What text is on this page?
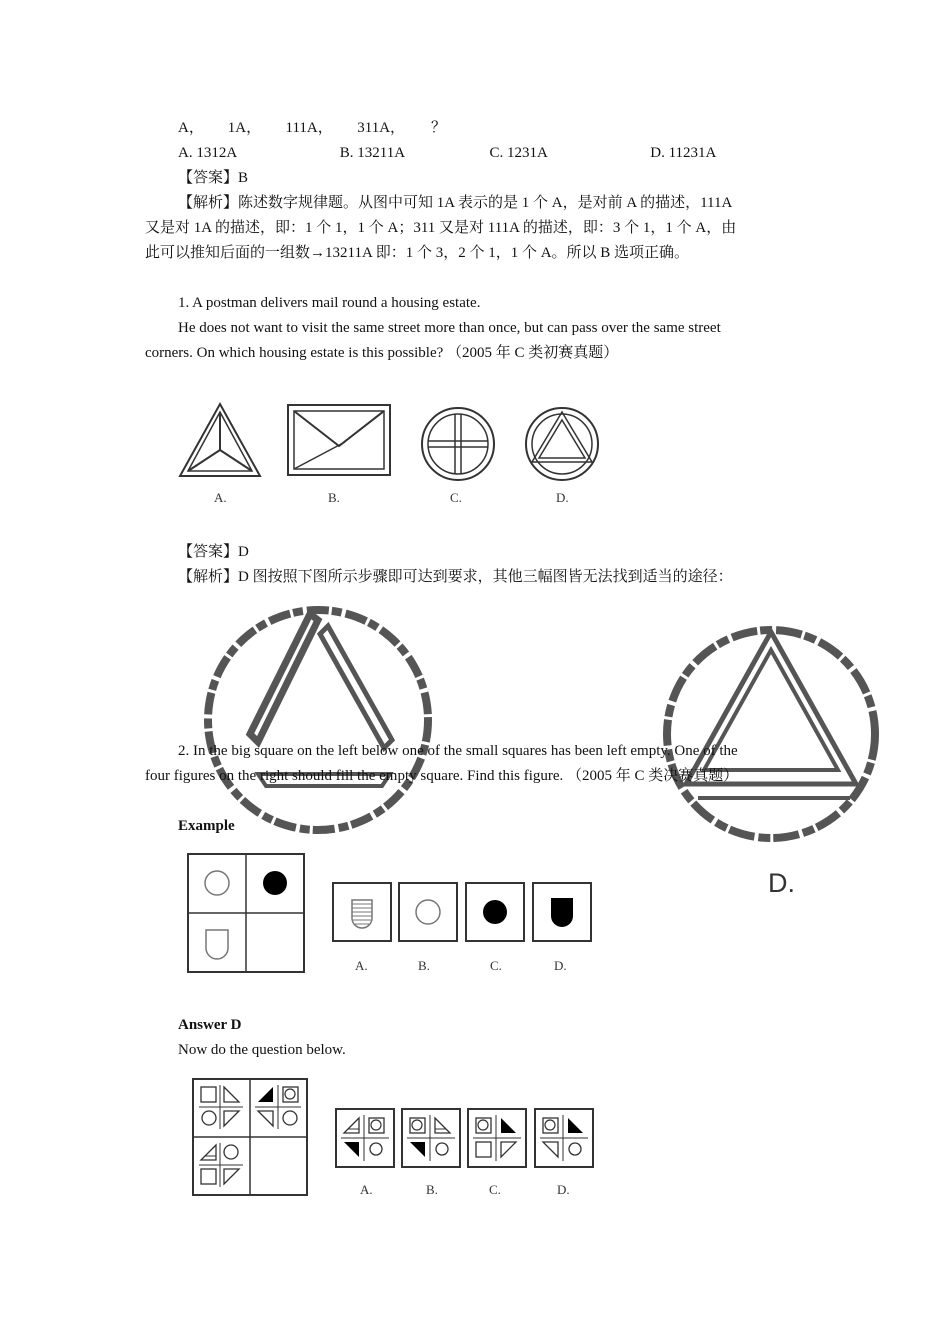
A， 1A， 111A， 311A， ？
A. 1312A	B. 13211A	C. 1231A	D. 11231A
【答案】B
【解析】陈述数字规律题。从图中可知 1A 表示的是 1 个 A，是对前 A 的描述，111A
又是对 1A 的描述，即：1 个 1，1 个 A；311 又是对 111A 的描述，即：3 个 1，1 个 A，由
此可以推知后面的一组数→13211A 即：1 个 3，2 个 1，1 个 A。所以 B 选项正确。
1. A postman delivers mail round a housing estate.
He does not want to visit the same street more than once, but can pass over the same street
corners. On which housing estate is this possible? （2005 年 C 类初赛真题）
A.	B.	C.	D.
【答案】D
【解析】D 图按照下图所示步骤即可达到要求，其他三幅图皆无法找到适当的途径：
D.
2. In the big square on the left below one of the small squares has been left empty. One of the
four figures on the right should fill the empty square. Find this figure. （2005 年 C 类决赛真题）
Example
A.	B.	C.	D.
Answer D
Now do the question below.
A.	B.	C.	D.
